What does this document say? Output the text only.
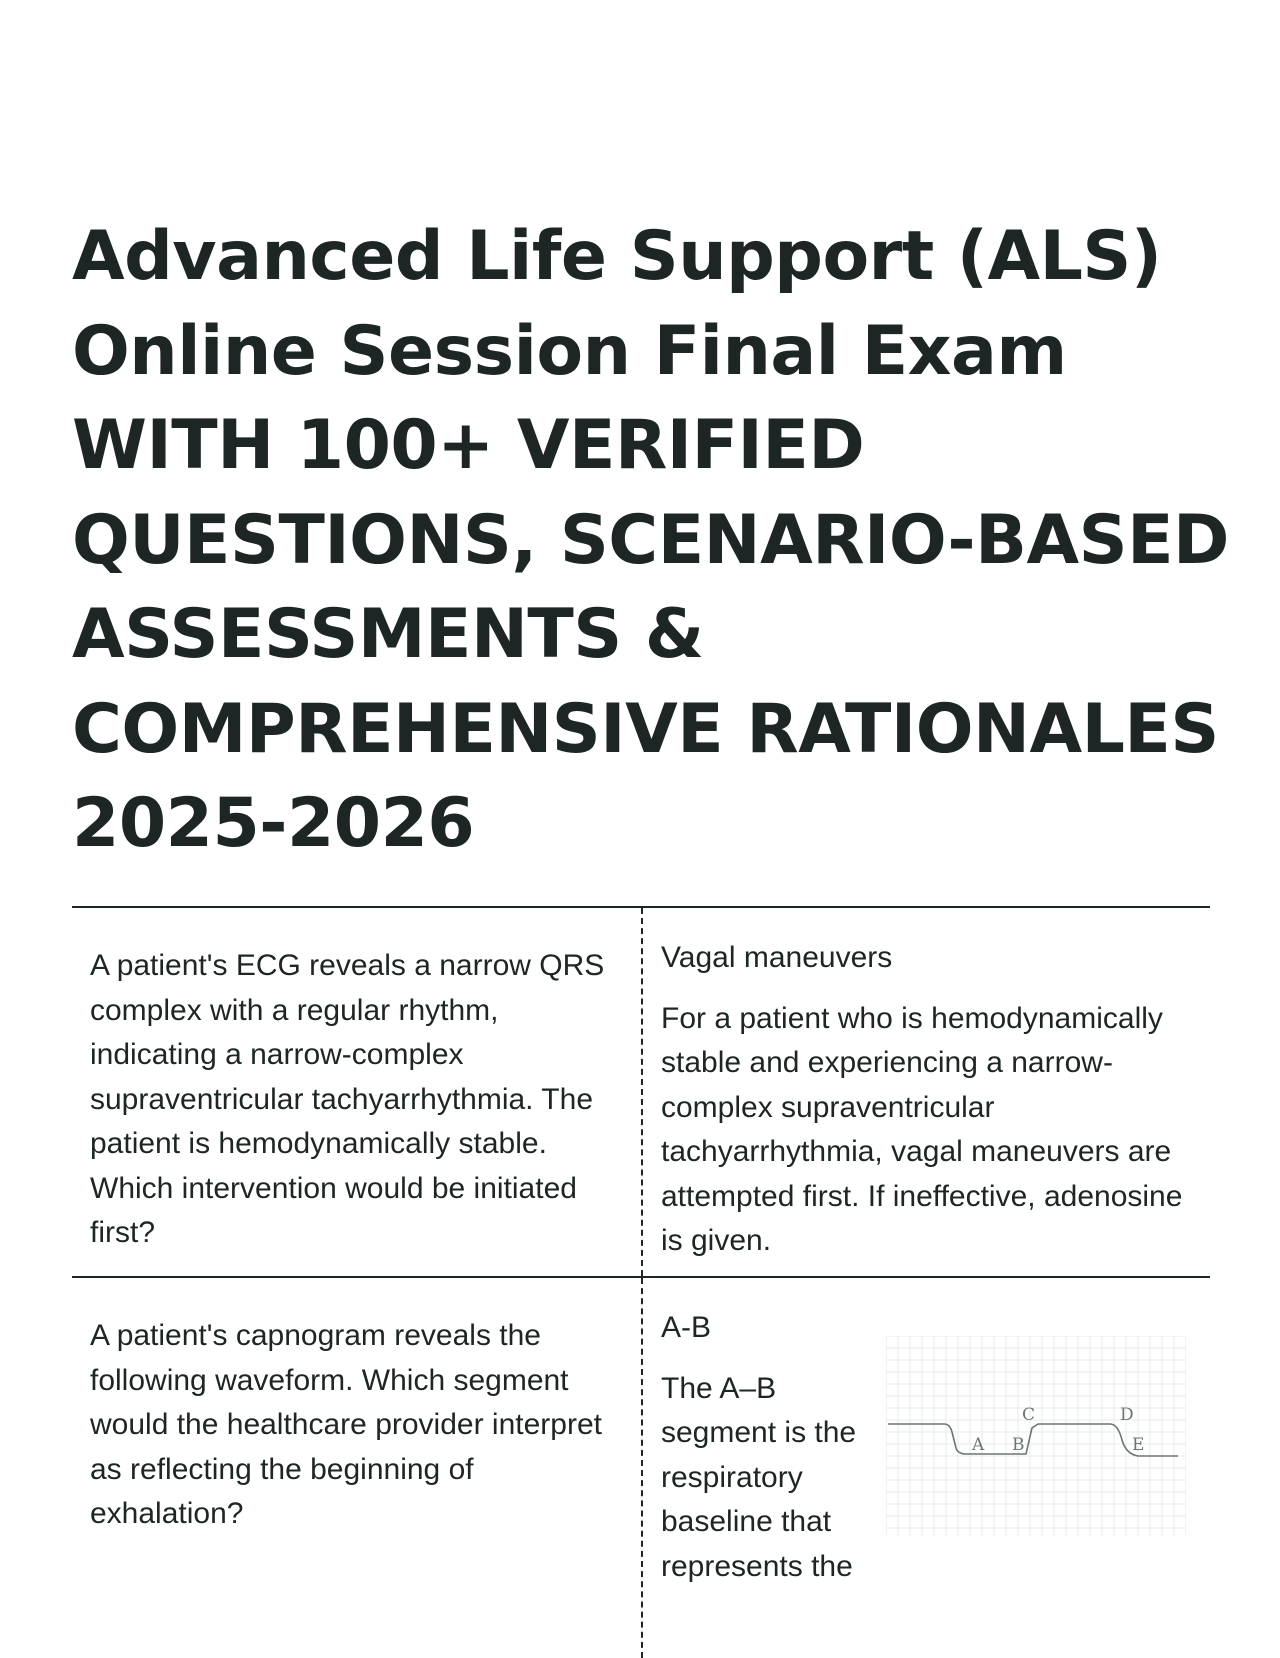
Advanced Life Support (ALS)
Online Session Final Exam
WITH 100+ VERIFIED
QUESTIONS, SCENARIO-BASED
ASSESSMENTS &
COMPREHENSIVE RATIONALES
2025-2026
A patient's ECG reveals a narrow QRS complex with a regular rhythm, indicating a narrow-complex supraventricular tachyarrhythmia. The patient is hemodynamically stable. Which intervention would be initiated first?
Vagal maneuvers
For a patient who is hemodynamically stable and experiencing a narrow-complex supraventricular tachyarrhythmia, vagal maneuvers are attempted first. If ineffective, adenosine is given.
A patient's capnogram reveals the following waveform. Which segment would the healthcare provider interpret as reflecting the beginning of exhalation?
A-B
The A–B
segment is the
respiratory
baseline that
represents the
A B
C	D
E
